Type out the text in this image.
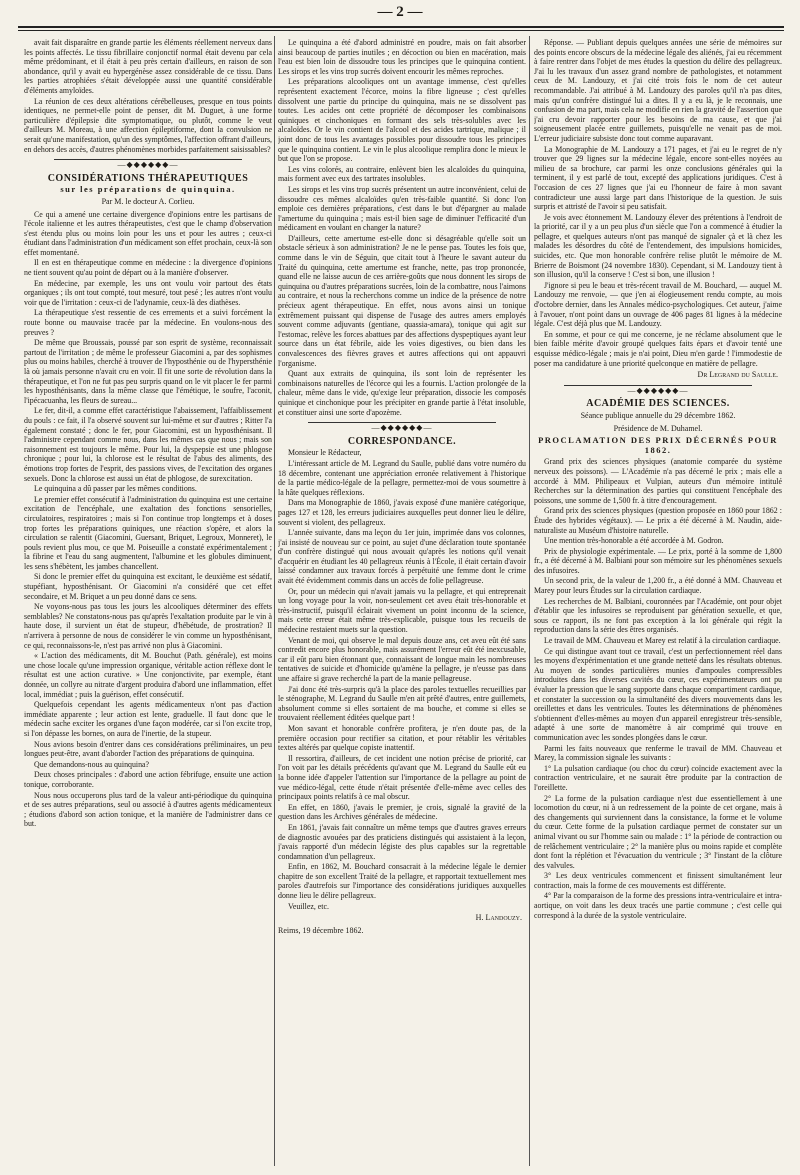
— 2 —

avait fait disparaître en grande partie les éléments réellement nerveux dans les points affectés. Le tissu fibrillaire conjonctif normal était devenu par cela même prédominant, et il était à peu près certain d'ailleurs, en raison de son abondance, qu'il y avait eu hypergénèse assez considérable de ce tissu. Dans les parties atrophiées s'était développée aussi une quantité considérable d'éléments amyloïdes.

La réunion de ces deux altérations cérébelleuses, presque en tous points identiques, ne permet-elle point de penser, dit M. Duguet, à une forme particulière d'épilepsie dite symptomatique, ou plutôt, comme le veut d'ailleurs M. Moreau, à une affection épileptiforme, dont la convulsion ne serait qu'une manifestation, qu'un des symptômes, l'affection offrant d'ailleurs, en dehors des accès, d'autres phénomènes morbides parfaitement saisissables?

—◆◆◆◆◆◆—
CONSIDÉRATIONS THÉRAPEUTIQUES
sur les préparations de quinquina.
Par M. le docteur A. Corlieu.

Ce qui a amené une certaine divergence d'opinions entre les partisans de l'école italienne et les autres thérapeutistes, c'est que le champ d'observation s'est étendu plus ou moins loin pour les uns et pour les autres ; ceux-ci étudiant dans l'administration d'un médicament son effet prochain, ceux-là son effet momentané.

Il en est en thérapeutique comme en médecine : la divergence d'opinions ne tient souvent qu'au point de départ ou à la manière d'observer.

En médecine, par exemple, les uns ont voulu voir partout des états organiques ; ils ont tout compté, tout mesuré, tout pesé ; les autres n'ont voulu voir que de l'irritation : ceux-ci de l'adynamie, ceux-là des diathèses.

La thérapeutique s'est ressentie de ces errements et a suivi forcément la route bonne ou mauvaise tracée par la médecine. En voulons-nous des preuves ?

De même que Broussais, poussé par son esprit de système, reconnaissait partout de l'irritation ; de même le professeur Giacomini a, par des sophismes plus ou moins habiles, cherché à trouver de l'hyposthénie ou de l'hypersthénie là où jamais personne n'avait cru en voir. Il fit une sorte de révolution dans la thérapeutique, et l'on ne fut pas peu surpris quand on le vit placer le fer parmi les hyposthénisants, dans la même classe que l'émétique, le soufre, l'aconit, l'ipécacuanha, les fleurs de sureau...

Le fer, dit-il, a comme effet caractéristique l'abaissement, l'affaiblissement du pouls : ce fait, il l'a observé souvent sur lui-même et sur d'autres ; Ritter l'a également constaté ; donc le fer, pour Giacomini, est un hyposthénisant. Il l'administre cependant comme nous, dans les mêmes cas que nous ; mais son raisonnement est toujours le même. Pour lui, la dyspepsie est une phlogose chronique ; pour lui, la chlorose est le résultat de l'abus des aliments, des émotions trop fortes de l'esprit, des passions vives, de l'excitation des organes sexuels. Donc la chlorose est aussi un état de phlogose, de surexcitation.

Le quinquina a dû passer par les mêmes conditions.

Le premier effet consécutif à l'administration du quinquina est une certaine excitation de l'encéphale, une exaltation des fonctions sensorielles, circulatoires, respiratoires ; mais si l'on continue trop longtemps et à doses trop fortes les préparations quiniques, une réaction s'opère, et alors la circulation se ralentit (Giacomini, Guersant, Briquet, Legroux, Monneret), le pouls revient plus mou, ce que M. Poiseuille a constaté expérimentalement ; la fibrine et l'eau du sang augmentent, l'albumine et les globules diminuent, les sens s'hébètent, les jambes chancellent.

Si donc le premier effet du quinquina est excitant, le deuxième est sédatif, stupéfiant, hyposthénisant. Or Giacomini n'a considéré que cet effet secondaire, et M. Briquet a un peu donné dans ce sens.

Ne voyons-nous pas tous les jours les alcooliques déterminer des effets semblables? Ne constatons-nous pas qu'après l'exaltation produite par le vin à haute dose, il survient un état de stupeur, d'hébétude, de prostration? Il n'arrivera à personne de nous de considérer le vin comme un hyposthénisant, ce qui, reconnaissons-le, n'est pas arrivé non plus à Giacomini.

« L'action des médicaments, dit M. Bouchut (Path. générale), est moins une chose locale qu'une impression organique, véritable action réflexe dont le résultat est une action curative. » Une conjonctivite, par exemple, étant donnée, un collyre au nitrate d'argent produira d'abord une inflammation, effet local, immédiat ; puis la guérison, effet consécutif.

Quelquefois cependant les agents médicamenteux n'ont pas d'action immédiate apparente ; leur action est lente, graduelle. Il faut donc que le médecin sache exciter les organes d'une façon modérée, car si l'on excite trop, si l'on dépasse les bornes, on aura de l'inertie, de la stupeur.

Nous avions besoin d'entrer dans ces considérations préliminaires, un peu longues peut-être, avant d'aborder l'action des préparations de quinquina.

Que demandons-nous au quinquina?

Deux choses principales : d'abord une action fébrifuge, ensuite une action tonique, corroborante.

Nous nous occuperons plus tard de la valeur anti-périodique du quinquina et de ses autres préparations, seul ou associé à d'autres agents médicamenteux ; étudions d'abord son action tonique, et la manière de l'administrer dans ce but.

Le quinquina a été d'abord administré en poudre, mais on fait absorber ainsi beaucoup de parties inutiles ; en décoction ou bien en macération, mais l'eau est bien loin de dissoudre tous les principes que le quinquina contient. Les sirops et les vins trop sucrés doivent encourir les mêmes reproches.

Les préparations alcooliques ont un avantage immense, c'est qu'elles représentent exactement l'écorce, moins la fibre ligneuse ; c'est qu'elles dissolvent une partie du principe du quinquina, mais ne se dissolvent pas toutes. Les acides ont cette propriété de décomposer les combinaisons quiniques et cinchoniques en formant des sels très-solubles avec les alcaloïdes. Or le vin contient de l'alcool et des acides tartrique, malique ; il joint donc de tous les avantages possibles pour dissoudre tous les principes que le quinquina contient. Le vin le plus alcoolique remplira donc le mieux le but que l'on se propose.

Les vins colorés, au contraire, enlèvent bien les alcaloïdes du quinquina, mais forment avec eux des tartrates insolubles.

Les sirops et les vins trop sucrés présentent un autre inconvénient, celui de dissoudre ces mêmes alcaloïdes qu'en très-faible quantité. Si donc l'on emploie ces dernières préparations, c'est dans le but d'épargner au malade l'amertume du quinquina ; mais est-il bien sage de diminuer l'efficacité d'un médicament en voulant en changer la nature?

D'ailleurs, cette amertume est-elle donc si désagréable qu'elle soit un obstacle sérieux à son administration? Je ne le pense pas. Toutes les fois que, comme dans le vin de Séguin, que citait tout à l'heure le savant auteur du Traité du quinquina, cette amertume est franche, nette, pas trop prononcée, quand elle ne laisse aucun de ces arrière-goûts que nous donnent les sirops de quinquina ou d'autres préparations sucrées, loin de la combattre, nous l'aimons au contraire, et nous la recherchons comme un indice de la présence de notre précieux agent thérapeutique. En effet, nous avons ainsi un tonique extrêmement puissant qui dispense de l'usage des autres amers employés souvent comme adjuvants (gentiane, quassia-amara), tonique qui agit sur l'estomac, relève les forces abattues par des affections dyspeptiques ayant leur source dans un état fébrile, aide les voies digestives, ou bien dans les convalescences des fièvres graves et autres affections qui ont appauvri l'organisme.

Quant aux extraits de quinquina, ils sont loin de représenter les combinaisons naturelles de l'écorce qui les a fournis. L'action prolongée de la chaleur, même dans le vide, qu'exige leur préparation, dissocie les composés quinique et cinchonique pour les précipiter en grande partie à l'état insoluble, et constituer ainsi une sorte d'apozème.

—◆◆◆◆◆◆—
CORRESPONDANCE.

Monsieur le Rédacteur,

L'intéressant article de M. Legrand du Saulle, publié dans votre numéro du 18 décembre, contenant une appréciation erronée relativement à l'historique de la partie médico-légale de la pellagre, permettez-moi de vous soumettre à la hâte quelques réflexions.

Dans ma Monographie de 1860, j'avais exposé d'une manière catégorique, pages 127 et 128, les erreurs judiciaires auxquelles peut donner lieu le délire, souvent si violent, des pellagreux.

L'année suivante, dans ma leçon du 1er juin, imprimée dans vos colonnes, j'ai insisté de nouveau sur ce point, au sujet d'une déclaration toute spontanée d'un confrère distingué qui nous avouait qu'après les notions qu'il venait d'acquérir en étudiant les 40 pellagreux réunis à l'École, il était certain d'avoir laissé condamner aux travaux forcés à perpétuité une femme dont le crime avait été évidemment commis dans un accès de folie pellagreuse.

Or, pour un médecin qui n'avait jamais vu la pellagre, et qui entreprenait un long voyage pour la voir, non-seulement cet aveu était très-honorable et très-instructif, puisqu'il éclairait vivement un point inconnu de la science, mais cette erreur était même très-explicable, puisque tous les recueils de médecine restaient muets sur la question.

Venant de moi, qui observe le mal depuis douze ans, cet aveu eût été sans contredit encore plus honorable, mais assurément l'erreur eût été inexcusable, car il eût paru bien étonnant que, connaissant de longue main les nombreuses tentatives de suicide et d'homicide qu'amène la pellagre, je n'eusse pas dans une affaire si grave recherché la part de la manie pellagreuse.

J'ai donc été très-surpris qu'à la place des paroles textuelles recueillies par le sténographe, M. Legrand du Saulle m'en ait prêté d'autres, entre guillemets, absolument comme si elles sortaient de ma bouche, et comme si elles se trouvaient réellement éditées quelque part !

Mon savant et honorable confrère profitera, je n'en doute pas, de la première occasion pour rectifier sa citation, et pour rétablir les véritables textes altérés par quelque copiste inattentif.

Il ressortira, d'ailleurs, de cet incident une notion précise de priorité, car l'on voit par les détails précédents qu'avant que M. Legrand du Saulle eût eu la bonne idée d'appeler l'attention sur l'importance de la pellagre au point de vue médico-légal, cette étude n'était présentée d'elle-même avec celles des principaux points relatifs à ce mal obscur.

En effet, en 1860, j'avais le premier, je crois, signalé la gravité de la question dans les Archives générales de médecine.

En 1861, j'avais fait connaître un même temps que d'autres graves erreurs de diagnostic avouées par des praticiens distingués qui assistaient à la leçon, j'avais rapporté d'un médecin légiste des plus capables sur la regrettable condamnation d'un pellagreux.

Enfin, en 1862, M. Bouchard consacrait à la médecine légale le dernier chapitre de son excellent Traité de la pellagre, et rapportait textuellement mes paroles d'autrefois sur l'importance des considérations juridiques auxquelles donne lieu le délire pellagreux.

Veuillez, etc.

H. Landouzy.
Reims, 19 décembre 1862.

Réponse. — Publiant depuis quelques années une série de mémoires sur des points encore obscurs de la médecine légale des aliénés, j'ai eu récemment à faire rentrer dans l'objet de mes études la question du délire des pellagreux. J'ai lu les travaux d'un assez grand nombre de pathologistes, et notamment ceux de M. Landouzy, et j'ai cité trois fois le nom de cet auteur recommandable. J'ai attribué à M. Landouzy des paroles qu'il n'a pas dites, mais qu'un confrère distingué lui a dites. Il y a eu là, je le reconnais, une confusion de ma part, mais cela ne modifie en rien la gravité de l'assertion que j'ai cru devoir rapporter pour les besoins de ma cause, et que j'ai soigneusement placée entre guillemets, puisqu'elle ne venait pas de moi. L'erreur judiciaire subsiste donc tout comme auparavant.

La Monographie de M. Landouzy a 171 pages, et j'ai eu le regret de n'y trouver que 29 lignes sur la médecine légale, encore sont-elles noyées au milieu de sa brochure, car parmi les onze conclusions générales qui la terminent, il y est parlé de tout, excepté des applications juridiques. C'est à l'occasion de ces 27 lignes que j'ai eu l'honneur de faire à mon savant contradicteur une aussi large part dans l'historique de la question. Je suis surpris et attristé de l'avoir si peu satisfait.

Je vois avec étonnement M. Landouzy élever des prétentions à l'endroit de la priorité, car il y a un peu plus d'un siècle que l'on a commencé à étudier la pellagre, et quelques auteurs n'ont pas manqué de signaler çà et là chez les malades les désordres du côté de l'entendement, des impulsions homicides, suicides, etc. Que mon honorable confrère relise plutôt le mémoire de M. Brierre de Boismont (24 novembre 1830). Cependant, si M. Landouzy tient à son illusion, qu'il la conserve ! C'est si bon, une illusion !

J'ignore si peu le beau et très-récent travail de M. Bouchard, — auquel M. Landouzy me renvoie, — que j'en ai élogieusement rendu compte, au mois d'octobre dernier, dans les Annales médico-psychologiques. Cet auteur, j'aime à l'avouer, n'ont point dans un ouvrage de 406 pages 81 lignes à la médecine légale. C'est déjà plus que M. Landouzy.

En somme, et pour ce qui me concerne, je ne réclame absolument que le bien faible mérite d'avoir groupé quelques faits épars et d'avoir tenté une esquisse médico-légale ; mais je n'ai point, Dieu m'en garde ! l'immodestie de poser ma candidature à une priorité quelconque en matière de pellagre.

Dr Legrand du Saulle.
—◆◆◆◆◆◆—
ACADÉMIE DES SCIENCES.
Séance publique annuelle du 29 décembre 1862.
Présidence de M. Duhamel.
PROCLAMATION DES PRIX DÉCERNÉS POUR 1862.

Grand prix des sciences physiques (anatomie comparée du système nerveux des poissons). — L'Académie n'a pas décerné le prix ; mais elle a accordé à MM. Philipeaux et Vulpian, auteurs d'un mémoire intitulé Recherches sur la détermination des parties qui constituent l'encéphale des poissons, une somme de 1,500 fr. à titre d'encouragement.

Grand prix des sciences physiques (question proposée en 1860 pour 1862 : Étude des hybrides végétaux). — Le prix a été décerné à M. Naudin, aide-naturaliste au Muséum d'histoire naturelle.

Une mention très-honorable a été accordée à M. Godron.

Prix de physiologie expérimentale. — Le prix, porté à la somme de 1,800 fr., a été décerné à M. Balbiani pour son mémoire sur les phénomènes sexuels des infusoires.

Un second prix, de la valeur de 1,200 fr., a été donné à MM. Chauveau et Marey pour leurs Études sur la circulation cardiaque.

Les recherches de M. Balbiani, couronnées par l'Académie, ont pour objet d'établir que les infusoires se reproduisent par génération sexuelle, et que, sous ce rapport, ils ne font pas exception à la loi générale qui régit la reproduction dans la série des êtres organisés.

Le travail de MM. Chauveau et Marey est relatif à la circulation cardiaque.

Ce qui distingue avant tout ce travail, c'est un perfectionnement réel dans les moyens d'expérimentation et une grande netteté dans les résultats obtenus. Au moyen de sondes particulières munies d'ampoules compressibles introduites dans les diverses cavités du cœur, ces expérimentateurs ont pu évaluer la pression que le sang supporte dans chaque compartiment cardiaque, et constater la succession ou la simultanéité des divers mouvements dans les oreillettes et dans les ventricules. Toutes les déterminations de phénomènes s'obtiennent d'elles-mêmes au moyen d'un appareil enregistreur très-sensible, adapté à une sorte de manomètre à air comprimé qui trouve en communication avec les sondes plongées dans le cœur.

Parmi les faits nouveaux que renferme le travail de MM. Chauveau et Marey, la commission signale les suivants :

1° La pulsation cardiaque (ou choc du cœur) coïncide exactement avec la contraction ventriculaire, et ne saurait être produite par la contraction de l'oreillette.

2° La forme de la pulsation cardiaque n'est due essentiellement à une locomotion du cœur, ni à un redressement de la pointe de cet organe, mais à des changements qui surviennent dans la consistance, la forme et le volume du cœur. Cette forme de la pulsation cardiaque permet de constater sur un animal vivant ou sur l'homme sain ou malade : 1° la période de contraction ou de relâchement ventriculaire ; 2° la manière plus ou moins rapide et complète dont font la réplétion et l'évacuation du ventricule ; 3° l'instant de la clôture des valvules.

3° Les deux ventricules commencent et finissent simultanément leur contraction, mais la forme de ces mouvements est différente.

4° Par la comparaison de la forme des pressions intra-ventriculaire et intra-aortique, on voit dans les deux tracés une partie commune ; c'est celle qui correspond à la durée de la systole ventriculaire.
